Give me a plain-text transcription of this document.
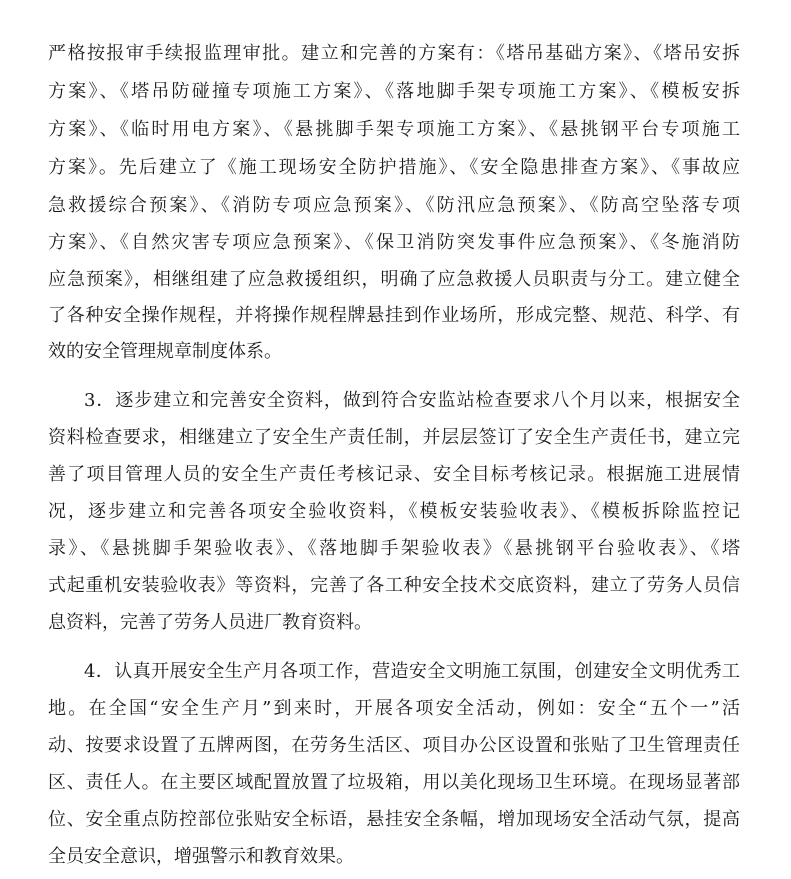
严格按报审手续报监理审批。建立和完善的方案有：《塔吊基础方案》、《塔吊安拆
方案》、《塔吊防碰撞专项施工方案》、《落地脚手架专项施工方案》、《模板安拆
方案》、《临时用电方案》、《悬挑脚手架专项施工方案》、《悬挑钢平台专项施工
方案》。先后建立了《施工现场安全防护措施》、《安全隐患排查方案》、《事故应
急救援综合预案》、《消防专项应急预案》、《防汛应急预案》、《防高空坠落专项
方案》、《自然灾害专项应急预案》、《保卫消防突发事件应急预案》、《冬施消防
应急预案》，相继组建了应急救援组织，明确了应急救援人员职责与分工。建立健全
了各种安全操作规程，并将操作规程牌悬挂到作业场所，形成完整、规范、科学、有
效的安全管理规章制度体系。
3．逐步建立和完善安全资料，做到符合安监站检查要求八个月以来，根据安全
资料检查要求，相继建立了安全生产责任制，并层层签订了安全生产责任书，建立完
善了项目管理人员的安全生产责任考核记录、安全目标考核记录。根据施工进展情
况，逐步建立和完善各项安全验收资料，《模板安装验收表》、《模板拆除监控记
录》、《悬挑脚手架验收表》、《落地脚手架验收表》《悬挑钢平台验收表》、《塔
式起重机安装验收表》等资料，完善了各工种安全技术交底资料，建立了劳务人员信
息资料，完善了劳务人员进厂教育资料。
4．认真开展安全生产月各项工作，营造安全文明施工氛围，创建安全文明优秀工
地。在全国“安全生产月”到来时，开展各项安全活动，例如：安全“五个一”活
动、按要求设置了五牌两图，在劳务生活区、项目办公区设置和张贴了卫生管理责任
区、责任人。在主要区域配置放置了垃圾箱，用以美化现场卫生环境。在现场显著部
位、安全重点防控部位张贴安全标语，悬挂安全条幅，增加现场安全活动气氛，提高
全员安全意识，增强警示和教育效果。
